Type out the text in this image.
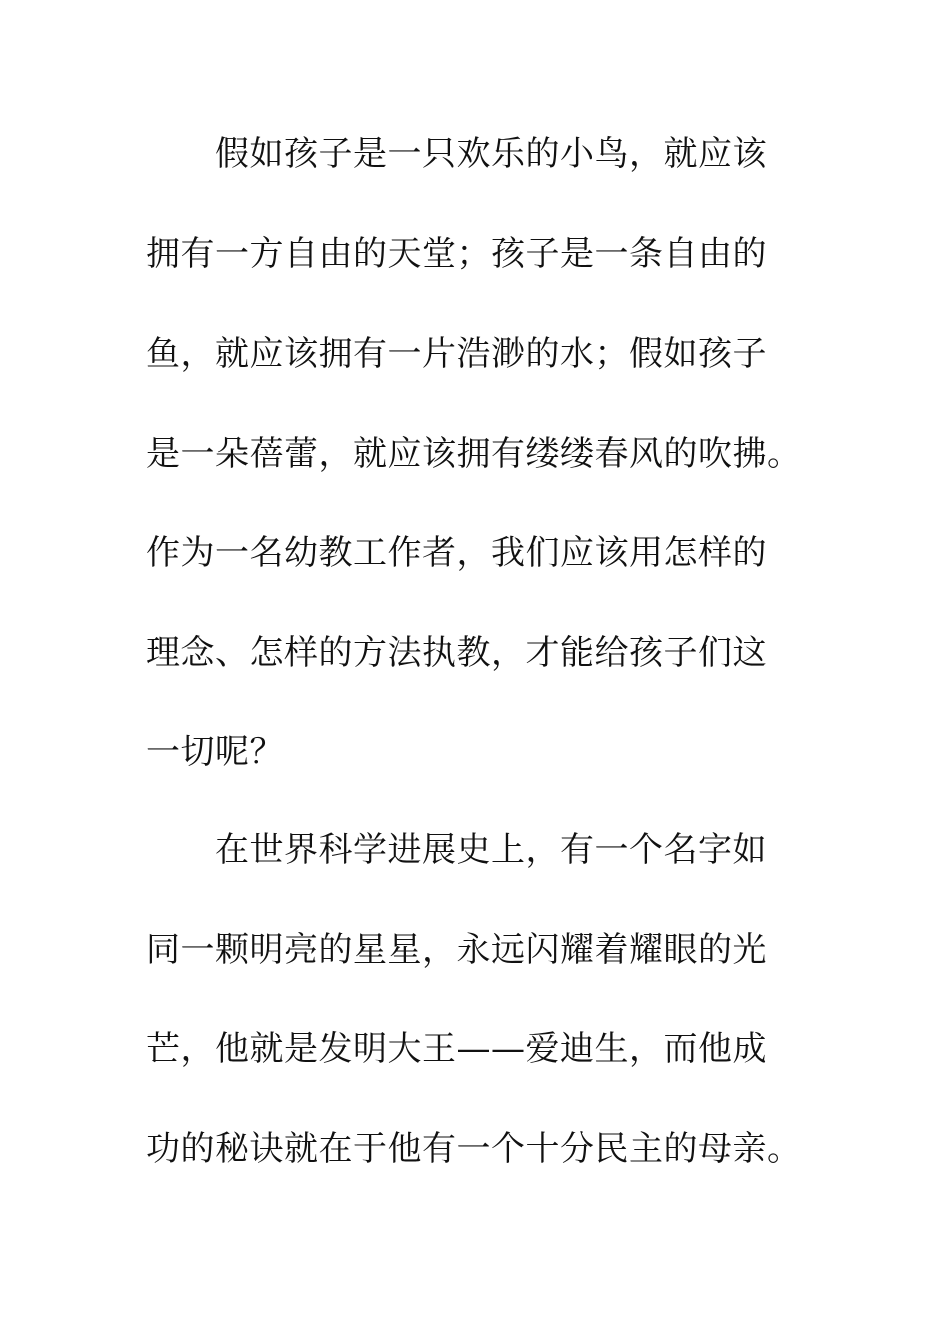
假如孩子是一只欢乐的小鸟，就应该
拥有一方自由的天堂；孩子是一条自由的
鱼，就应该拥有一片浩渺的水；假如孩子
是一朵蓓蕾，就应该拥有缕缕春风的吹拂。
作为一名幼教工作者，我们应该用怎样的
理念、怎样的方法执教，才能给孩子们这
一切呢？
在世界科学进展史上，有一个名字如
同一颗明亮的星星，永远闪耀着耀眼的光
芒，他就是发明大王——爱迪生，而他成
功的秘诀就在于他有一个十分民主的母亲。
